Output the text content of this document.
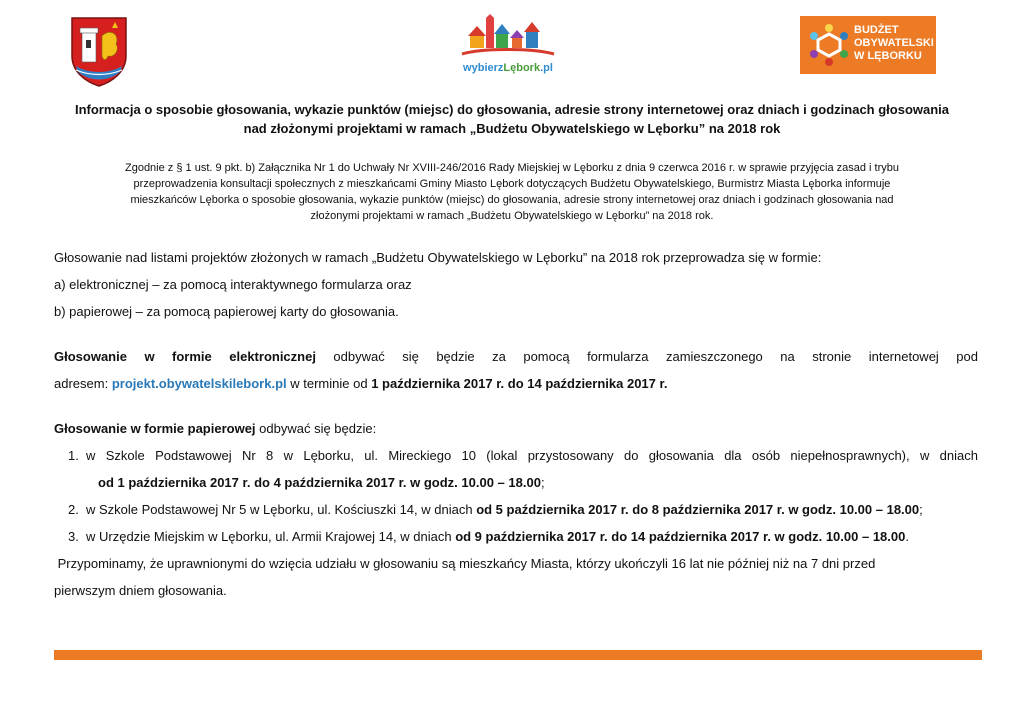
wybierzLębork.pl
BUDŻET
OBYWATELSKI
W LĘBORKU
Informacja o sposobie głosowania, wykazie punktów (miejsc) do głosowania, adresie strony internetowej oraz dniach i godzinach głosowania
nad złożonymi projektami w ramach „Budżetu Obywatelskiego w Lęborku” na 2018 rok
Zgodnie z § 1 ust. 9 pkt. b) Załącznika Nr 1 do Uchwały Nr XVIII-246/2016 Rady Miejskiej w Lęborku z dnia 9 czerwca 2016 r. w sprawie przyjęcia zasad i trybu
przeprowadzenia konsultacji społecznych z mieszkańcami Gminy Miasto Lębork dotyczących Budżetu Obywatelskiego, Burmistrz Miasta Lęborka informuje
mieszkańców Lęborka o sposobie głosowania, wykazie punktów (miejsc) do głosowania, adresie strony internetowej oraz dniach i godzinach głosowania nad
złożonymi projektami w ramach „Budżetu Obywatelskiego w Lęborku” na 2018 rok.

Głosowanie nad listami projektów złożonych w ramach „Budżetu Obywatelskiego w Lęborku” na 2018 rok przeprowadza się w formie:

a) elektronicznej – za pomocą interaktywnego formularza oraz

b) papierowej – za pomocą papierowej karty do głosowania.

Głosowanie w formie elektronicznej odbywać się będzie za pomocą formularza zamieszczonego na stronie internetowej pod

adresem: projekt.obywatelskilebork.pl w terminie od 1 października 2017 r. do 14 października 2017 r.

Głosowanie w formie papierowej odbywać się będzie:

1. w Szkole Podstawowej Nr 8 w Lęborku, ul. Mireckiego 10 (lokal przystosowany do głosowania dla osób niepełnosprawnych), w dniach
od 1 października 2017 r. do 4 października 2017 r. w godz. 10.00 – 18.00;
2. w Szkole Podstawowej Nr 5 w Lęborku, ul. Kościuszki 14, w dniach od 5 października 2017 r. do 8 października 2017 r. w godz. 10.00 – 18.00;
3. w Urzędzie Miejskim w Lęborku, ul. Armii Krajowej 14, w dniach od 9 października 2017 r. do 14 października 2017 r. w godz. 10.00 – 18.00.

Przypominamy, że uprawnionymi do wzięcia udziału w głosowaniu są mieszkańcy Miasta, którzy ukończyli 16 lat nie później niż na 7 dni przed

pierwszym dniem głosowania.
